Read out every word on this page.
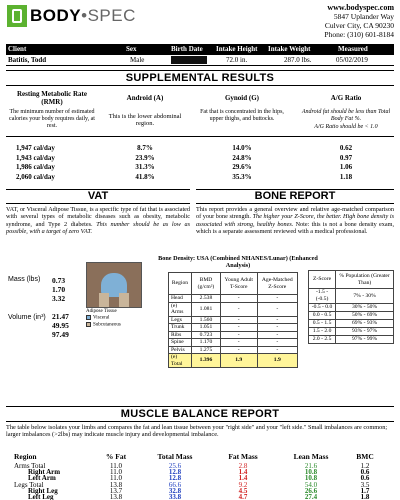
BODY•SPEC	www.bodyspec.com
5847 Uplander Way
Culver City, CA 90230
Phone: (310) 601-8184
Client	Sex	Birth Date Intake Height Intake Weight	Measured
Batitis, Todd	Male	72.0 in.	287.0 lbs.	05/02/2019
SUPPLEMENTAL RESULTS
Resting Metabolic Rate (RMR)
The minimum number of estimated calories your body requires daily, at rest.
Android (A)
This is the lower abdominal region.
Gynoid (G)
Fat that is concentrated in the hips, upper thighs, and buttocks.
A/G Ratio
Android fat should be less than Total Body Fat %.
A/G Ratio should be < 1.0
1,947 cal/day	8.7%	14.0%	0.62
1,943 cal/day	23.9%	24.8%	0.97
1,986 cal/day	31.3%	29.6%	1.06
2,060 cal/day	41.8%	35.3%	1.18
VAT
VAT, or Visceral Adipose Tissue, is a specific type of fat that is associated with several types of metabolic diseases such as obesity, metabolic syndrome, and Type 2 diabetes. This number should be as low as possible, with a target of zero VAT.
Mass (lbs) 0.73
1.70
3.32
Volume (in³) 21.47
49.95
97.49
Adipose Tissue
Visceral
Subcutaneous
BONE REPORT
This report provides a general overview and relative age-matched comparison of your bone strength. The higher your Z-Score, the better. High bone density is associated with strong, healthy bones. Note: this is not a bone density exam, which is a separate assessment reviewed with a medical professional.
Bone Density: USA (Combined NHANES/Lunar) (Enhanced Analysis)
Region	BMD (g/cm²)	Young Adult T-Score	Age-Matched Z-Score
Head	2.538	-	-
(e) Arms	1.081	-	-
Legs	1.560	-	-
Trunk	1.051	-	-
Ribs	0.723	-	-
Spine	1.170	-	-
Pelvis	1.275	-	-
(e) Total	1.396	1.9	1.9
Z-Score	% Population (Greater Than)
-1.5 - (-0.5)	7% - 30%
-0.5 - 0.0	30% - 50%
0.0 - 0.5	50% - 69%
0.5 - 1.5	69% - 93%
1.5 - 2.0	93% - 97%
2.0 - 2.5	97% - 99%
MUSCLE BALANCE REPORT
The table below isolates your limbs and compares the fat and lean tissue between your "right side" and your "left side." Small imbalances are common; larger imbalances (>2lbs) may indicate muscle injury and developmental imbalance.
Region	% Fat	Total Mass	Fat Mass	Lean Mass	BMC
Arms Total	11.0	25.6	2.8	21.6	1.2
Right Arm	11.0	12.8	1.4	10.8	0.6
Left Arm	11.0	12.8	1.4	10.8	0.6
Legs Total	13.8	66.6	9.2	54.0	3.5
Right Leg	13.7	32.8	4.5	26.6	1.7
Left Leg	13.8	33.8	4.7	27.4	1.8
